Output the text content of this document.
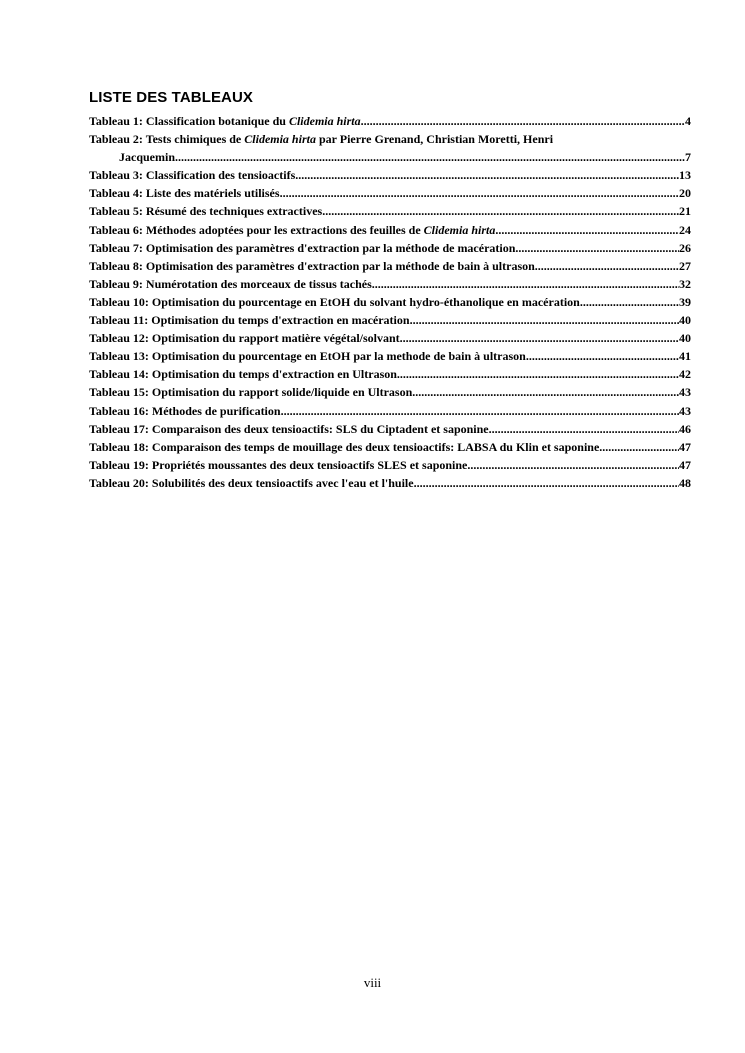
LISTE DES TABLEAUX
Tableau 1: Classification botanique du Clidemia hirta .....	4
Tableau 2: Tests chimiques de Clidemia hirta par Pierre Grenand, Christian Moretti, Henri
Jacquemin .....	7
Tableau 3: Classification des tensioactifs .....	13
Tableau 4: Liste des matériels utilisés .....	20
Tableau 5: Résumé des techniques extractives .....	21
Tableau 6: Méthodes adoptées pour les extractions des feuilles de Clidemia hirta .....	24
Tableau 7: Optimisation des paramètres d'extraction par la méthode de macération .....	26
Tableau 8: Optimisation des paramètres d'extraction par la méthode de bain à ultrason .....	27
Tableau 9: Numérotation des morceaux de tissus tachés .....	32
Tableau 10: Optimisation du pourcentage en EtOH du solvant hydro-éthanolique en macération .....	39
Tableau 11: Optimisation du temps d'extraction en macération .....	40
Tableau 12: Optimisation du rapport matière végétal/solvant .....	40
Tableau 13: Optimisation du pourcentage en EtOH par la methode de bain à ultrason .....	41
Tableau 14: Optimisation du temps d'extraction en Ultrason .....	42
Tableau 15: Optimisation du rapport solide/liquide en Ultrason .....	43
Tableau 16: Méthodes de purification .....	43
Tableau 17: Comparaison des deux tensioactifs: SLS du Ciptadent et saponine .....	46
Tableau 18: Comparaison des temps de mouillage des deux tensioactifs: LABSA du Klin et saponine .....	47
Tableau 19: Propriétés moussantes des deux tensioactifs SLES et saponine .....	47
Tableau 20: Solubilités des deux tensioactifs avec l'eau et l'huile .....	48
viii
